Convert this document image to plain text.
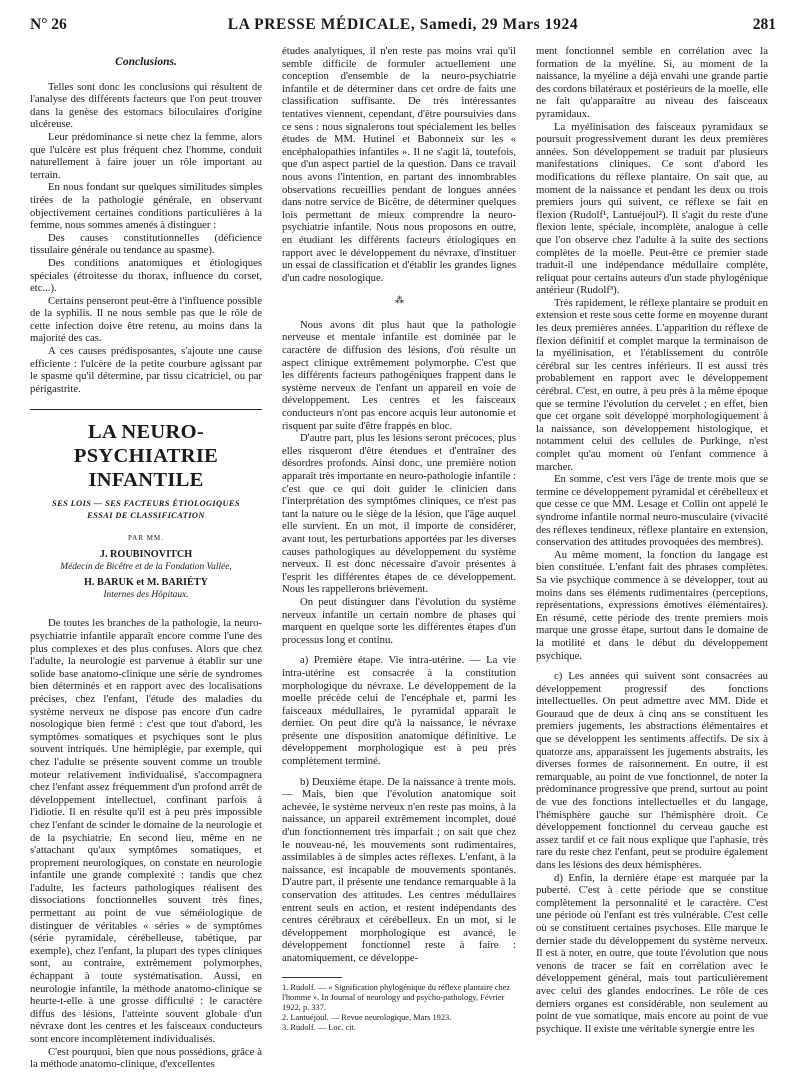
N° 26	LA PRESSE MÉDICALE, Samedi, 29 Mars 1924	281
Conclusions.

Telles sont donc les conclusions qui résultent de l'analyse des différents facteurs que l'on peut trouver dans la genèse des estomacs biloculaires d'origine ulcéreuse.

Leur prédominance si nette chez la femme, alors que l'ulcère est plus fréquent chez l'homme, conduit naturellement à faire jouer un rôle important au terrain.

En nous fondant sur quelques similitudes simples tirées de la pathologie générale, en observant objectivement certaines conditions particulières à la femme, nous sommes amenés à distinguer :

Des causes constitutionnelles (déficience tissulaire générale ou tendance au spasme).

Des conditions anatomiques et étiologiques spéciales (étroitesse du thorax, influence du corset, etc...).

Certains penseront peut-être à l'influence possible de la syphilis. Il ne nous semble pas que le rôle de cette infection doive être retenu, au moins dans la majorité des cas.

A ces causes prédisposantes, s'ajoute une cause efficiente : l'ulcère de la petite courbure agissant par le spasme qu'il détermine, par tissu cicatriciel, ou par périgastrite.

LA NEURO-PSYCHIATRIE
INFANTILE
SES LOIS — SES FACTEURS ÉTIOLOGIQUES
ESSAI DE CLASSIFICATION
PAR MM.
J. ROUBINOVITCH
Médecin de Bicêtre et de la Fondation Vallée,
H. BARUK et M. BARIÉTY
Internes des Hôpitaux.

De toutes les branches de la pathologie, la neuro-psychiatrie infantile apparaît encore comme l'une des plus complexes et des plus confuses. Alors que chez l'adulte, la neurologie est parvenue à établir sur une solide base anatomo-clinique une série de syndromes bien déterminés et en rapport avec des localisations précises, chez l'enfant, l'étude des maladies du système nerveux ne dispose pas encore d'un cadre nosologique bien fermé : c'est que tout d'abord, les symptômes somatiques et psychiques sont le plus souvent intriqués. Une hémiplégie, par exemple, qui chez l'adulte se présente souvent comme un trouble moteur relativement individualisé, s'accompagnera chez l'enfant assez fréquemment d'un profond arrêt de développement intellectuel, confinant parfois à l'idiotie. Il en résulte qu'il est à peu près impossible chez l'enfant de scinder le domaine de la neurologie et de la psychiatrie. En second lieu, même en ne s'attachant qu'aux symptômes somatiques, et proprement neurologiques, on constate en neurologie infantile une grande complexité : tandis que chez l'adulte, les facteurs pathologiques réalisent des dissociations fonctionnelles souvent très fines, permettant au point de vue séméiologique de distinguer de véritables « séries » de symptômes (série pyramidale, cérébelleuse, tabétique, par exemple), chez l'enfant, la plupart des types cliniques sont, au contraire, extrêmement polymorphes, échappant à toute systématisation. Aussi, en neurologie infantile, la méthode anatomo-clinique se heurte-t-elle à une grosse difficulté : le caractère diffus des lésions, l'atteinte souvent globale d'un névraxe dont les centres et les faisceaux conducteurs sont encore incomplètement individualisés.

C'est pourquoi, bien que nous possédions, grâce à la méthode anatomo-clinique, d'excellentes

études analytiques, il n'en reste pas moins vrai qu'il semble difficile de formuler actuellement une conception d'ensemble de la neuro-psychiatrie infantile et de déterminer dans cet ordre de faits une classification suffisante. De très intéressantes tentatives viennent, cependant, d'être poursuivies dans ce sens : nous signalerons tout spécialement les belles études de MM. Hutinel et Babonneix sur les « encéphalopathies infantiles ». Il ne s'agit là, toutefois, que d'un aspect partiel de la question. Dans ce travail nous avons l'intention, en partant des innombrables observations recueillies pendant de longues années dans notre service de Bicêtre, de déterminer quelques lois permettant de mieux comprendre la neuro-psychiatrie infantile. Nous nous proposons en outre, en étudiant les différents facteurs étiologiques en rapport avec le développement du névraxe, d'instituer un essai de classification et d'établir les grandes lignes d'un cadre nosologique.

⁂

Nous avons dit plus haut que la pathologie nerveuse et mentale infantile est dominée par le caractère de diffusion des lésions, d'où résulte un aspect clinique extrêmement polymorphe. C'est que les différents facteurs pathogéniques frappent dans le système nerveux de l'enfant un appareil en voie de développement. Les centres et les faisceaux conducteurs n'ont pas encore acquis leur autonomie et risquent par suite d'être frappés en bloc.

D'autre part, plus les lésions seront précoces, plus elles risqueront d'être étendues et d'entraîner des désordres profonds. Ainsi donc, une première notion apparaît très importante en neuro-pathologie infantile : c'est que ce qui doit guider le clinicien dans l'interprétation des symptômes cliniques, ce n'est pas tant la nature ou le siège de la lésion, que l'âge auquel elle survient. En un mot, il importe de considérer, avant tout, les perturbations apportées par les diverses causes pathologiques au développement du système nerveux. Il est donc nécessaire d'avoir présentes à l'esprit les différentes étapes de ce développement. Nous les rappellerons brièvement.

On peut distinguer dans l'évolution du système nerveux infantile un certain nombre de phases qui marquent en quelque sorte les différentes étapes d'un processus long et continu.

a) Première étape. Vie intra-utérine. — La vie intra-utérine est consacrée à la constitution morphologique du névraxe. Le développement de la moelle précède celui de l'encéphale et, parmi les faisceaux médullaires, le pyramidal apparaît le dernier. On peut dire qu'à la naissance, le névraxe présente une disposition anatomique définitive. Le développement morphologique est à peu près complètement terminé.

b) Deuxième étape. De la naissance à trente mois. — Mais, bien que l'évolution anatomique soit achevée, le système nerveux n'en reste pas moins, à la naissance, un appareil extrêmement incomplet, doué d'un fonctionnement très imparfait ; on sait que chez le nouveau-né, les mouvements sont rudimentaires, assimilables à de simples actes réflexes. L'enfant, à la naissance, est incapable de mouvements spontanés. D'autre part, il présente une tendance remarquable à la conservation des attitudes. Les centres médullaires entrent seuls en action, et restent indépendants des centres cérébraux et cérébelleux. En un mot, si le développement morphologique est avancé, le développement fonctionnel reste à faire : anatomiquement, ce développe-

1. Rudolf. — « Signification phylogénique du réflexe plantaire chez l'homme ». In Journal of neurology and psycho-pathology, Février 1922, p. 337.

2. Lantuéjoul. — Revue neurologique, Mars 1923.

3. Rudolf. — Loc. cit.

ment fonctionnel semble en corrélation avec la formation de la myéline. Si, au moment de la naissance, la myéline a déjà envahi une grande partie des cordons bilatéraux et postérieurs de la moelle, elle ne fait qu'apparaître au niveau des faisceaux pyramidaux.

La myélinisation des faisceaux pyramidaux se poursuit progressivement durant les deux premières années. Son développement se traduit par plusieurs manifestations cliniques. Ce sont d'abord les modifications du réflexe plantaire. On sait que, au moment de la naissance et pendant les deux ou trois premiers jours qui suivent, ce réflexe se fait en flexion (Rudolf¹, Lantuéjoul²). Il s'agit du reste d'une flexion lente, spéciale, incomplète, analogue à celle que l'on observe chez l'adulte à la suite des sections complètes de la moelle. Peut-être ce premier stade traduit-il une indépendance médullaire complète, reliquat pour certains auteurs d'un stade phylogénique antérieur (Rudolf³).

Très rapidement, le réflexe plantaire se produit en extension et reste sous cette forme en moyenne durant les deux premières années. L'apparition du réflexe de flexion définitif et complet marque la terminaison de la myélinisation, et l'établissement du contrôle cérébral sur les centres inférieurs. Il est aussi très probablement en rapport avec le développement cérébral. C'est, en outre, à peu près à la même époque que se termine l'évolution du cervelet ; en effet, bien que cet organe soit développé morphologiquement à la naissance, son développement histologique, et notamment celui des cellules de Purkinge, n'est complet qu'au moment où l'enfant commence à marcher.

En somme, c'est vers l'âge de trente mois que se termine ce développement pyramidal et cérébelleux et que cesse ce que MM. Lesage et Collin ont appelé le syndrome infantile normal neuro-musculaire (vivacité des réflexes tendineux, réflexe plantaire en extension, conservation des attitudes provoquées des membres).

Au même moment, la fonction du langage est bien constituée. L'enfant fait des phrases complètes. Sa vie psychique commence à se développer, tout au moins dans ses éléments rudimentaires (perceptions, représentations, expressions émotives élémentaires). En résumé, cette période des trente premiers mois marque une grosse étape, surtout dans le domaine de la motilité et dans le début du développement psychique.

c) Les années qui suivent sont consacrées au développement progressif des fonctions intellectuelles. On peut admettre avec MM. Dide et Gouraud que de deux à cinq ans se constituent les premiers jugements, les abstractions élémentaires et que se développent les sentiments affectifs. De six à quatorze ans, apparaissent les jugements abstraits, les diverses formes de raisonnement. En outre, il est remarquable, au point de vue fonctionnel, de noter la prédominance progressive que prend, surtout au point de vue des fonctions intellectuelles et du langage, l'hémisphère gauche sur l'hémisphère droit. Ce développement fonctionnel du cerveau gauche est assez tardif et ce fait nous explique que l'aphasie, très rare du reste chez l'enfant, peut se produire également dans les lésions des deux hémisphères.

d) Enfin, la dernière étape est marquée par la puberté. C'est à cette période que se constitue complètement la personnalité et le caractère. C'est une période où l'enfant est très vulnérable. C'est celle où se constituent certaines psychoses. Elle marque le dernier stade du développement du système nerveux. Il est à noter, en outre, que toute l'évolution que nous venons de tracer se fait en corrélation avec le développement général, mais tout particulièrement avec celui des glandes endocrines. Le rôle de ces derniers organes est considérable, non seulement au point de vue somatique, mais encore au point de vue psychique. Il existe une véritable synergie entre les
